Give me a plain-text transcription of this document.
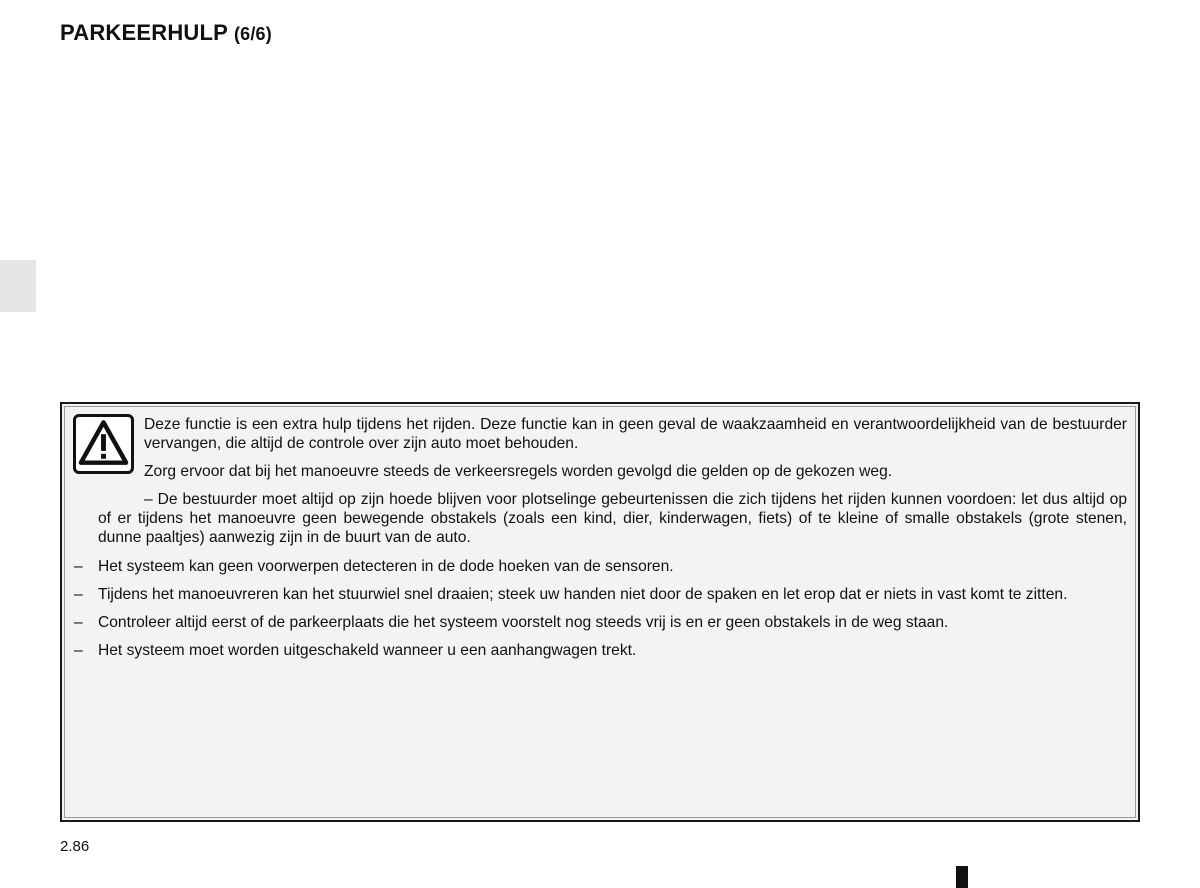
PARKEERHULP (6/6)

Deze functie is een extra hulp tijdens het rijden. Deze functie kan in geen geval de waakzaamheid en verantwoordelijkheid van de bestuurder vervangen, die altijd de controle over zijn auto moet behouden.

Zorg ervoor dat bij het manoeuvre steeds de verkeersregels worden gevolgd die gelden op de gekozen weg.

– De bestuurder moet altijd op zijn hoede blijven voor plotselinge gebeurtenissen die zich tijdens het rijden kunnen voordoen: let dus altijd op of er tijdens het manoeuvre geen bewegende obstakels (zoals een kind, dier, kinderwagen, fiets) of te kleine of smalle obstakels (grote stenen, dunne paaltjes) aanwezig zijn in de buurt van de auto.

– Het systeem kan geen voorwerpen detecteren in de dode hoeken van de sensoren.
– Tijdens het manoeuvreren kan het stuurwiel snel draaien; steek uw handen niet door de spaken en let erop dat er niets in vast komt te zitten.
– Controleer altijd eerst of de parkeerplaats die het systeem voorstelt nog steeds vrij is en er geen obstakels in de weg staan.
– Het systeem moet worden uitgeschakeld wanneer u een aanhangwagen trekt.
2.86
